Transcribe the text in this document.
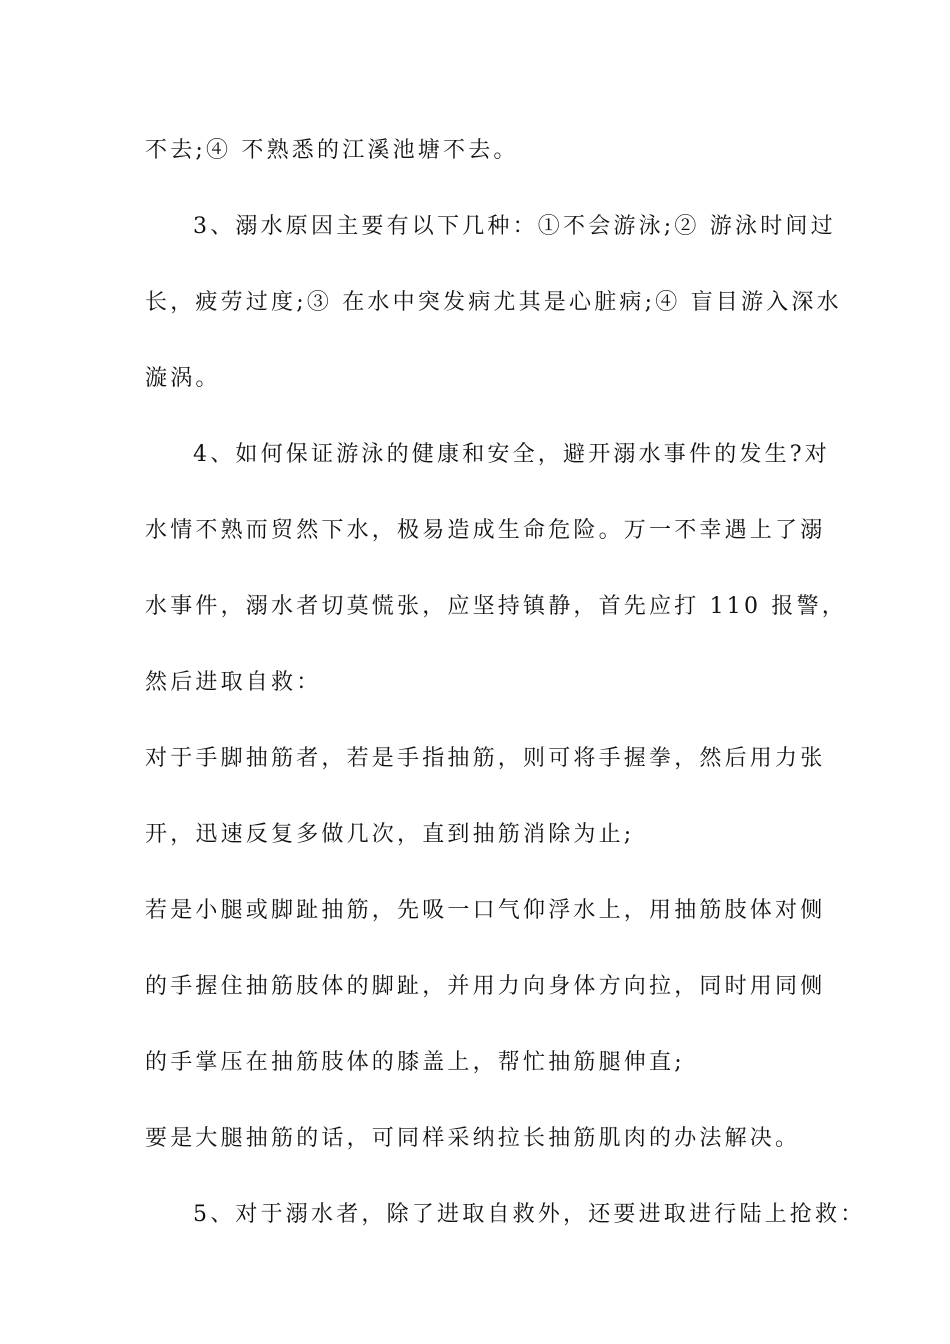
不去;④ 不熟悉的江溪池塘不去。
3、溺水原因主要有以下几种：①不会游泳;② 游泳时间过
长，疲劳过度;③ 在水中突发病尤其是心脏病;④ 盲目游入深水
漩涡。
4、如何保证游泳的健康和安全，避开溺水事件的发生?对
水情不熟而贸然下水，极易造成生命危险。万一不幸遇上了溺
水事件，溺水者切莫慌张，应坚持镇静，首先应打 110 报警，
然后进取自救：
对于手脚抽筋者，若是手指抽筋，则可将手握拳，然后用力张
开，迅速反复多做几次，直到抽筋消除为止;
若是小腿或脚趾抽筋，先吸一口气仰浮水上，用抽筋肢体对侧
的手握住抽筋肢体的脚趾，并用力向身体方向拉，同时用同侧
的手掌压在抽筋肢体的膝盖上，帮忙抽筋腿伸直;
要是大腿抽筋的话，可同样采纳拉长抽筋肌肉的办法解决。
5、对于溺水者，除了进取自救外，还要进取进行陆上抢救：
